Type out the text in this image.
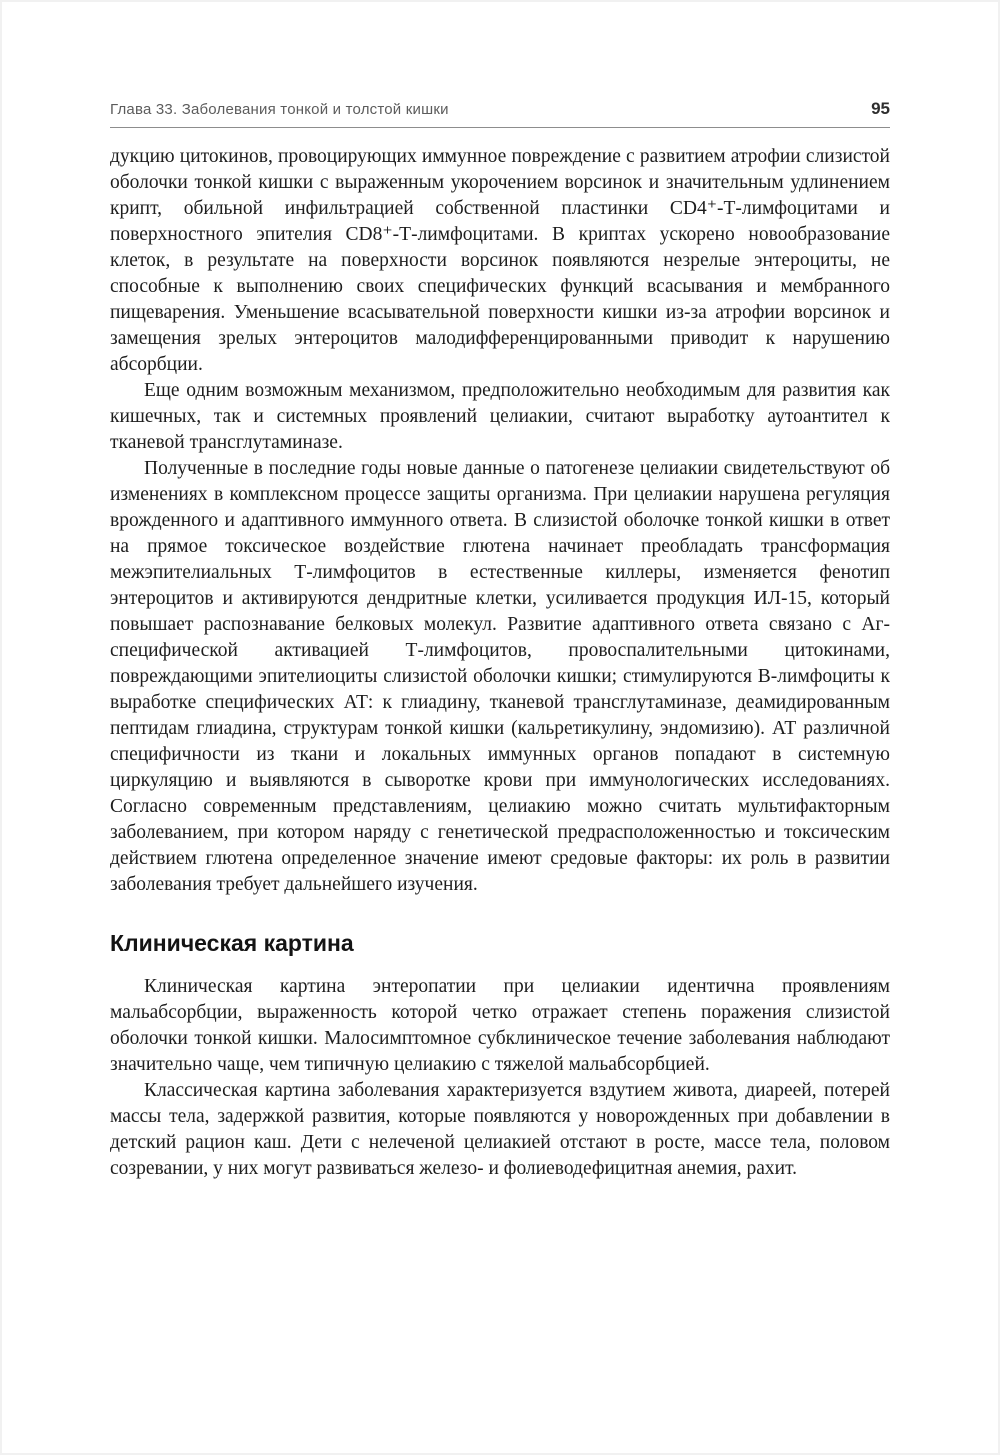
Глава 33. Заболевания тонкой и толстой кишки	95

дукцию цитокинов, провоцирующих иммунное повреждение с развитием атрофии слизистой оболочки тонкой кишки с выраженным укорочением ворсинок и значительным удлинением крипт, обильной инфильтрацией собственной пластинки CD4⁺-Т-лимфоцитами и поверхностного эпителия CD8⁺-Т-лимфоцитами. В криптах ускорено новообразование клеток, в результате на поверхности ворсинок появляются незрелые энтероциты, не способные к выполнению своих специфических функций всасывания и мембранного пищеварения. Уменьшение всасывательной поверхности кишки из-за атрофии ворсинок и замещения зрелых энтероцитов малодифференцированными приводит к нарушению абсорбции.

Еще одним возможным механизмом, предположительно необходимым для развития как кишечных, так и системных проявлений целиакии, считают выработку аутоантител к тканевой трансглутаминазе.

Полученные в последние годы новые данные о патогенезе целиакии свидетельствуют об изменениях в комплексном процессе защиты организма. При целиакии нарушена регуляция врожденного и адаптивного иммунного ответа. В слизистой оболочке тонкой кишки в ответ на прямое токсическое воздействие глютена начинает преобладать трансформация межэпителиальных Т-лимфоцитов в естественные киллеры, изменяется фенотип энтероцитов и активируются дендритные клетки, усиливается продукция ИЛ-15, который повышает распознавание белковых молекул. Развитие адаптивного ответа связано с Аг-специфической активацией Т-лимфоцитов, провоспалительными цитокинами, повреждающими эпителиоциты слизистой оболочки кишки; стимулируются В-лимфоциты к выработке специфических АТ: к глиадину, тканевой трансглутаминазе, деамидированным пептидам глиадина, структурам тонкой кишки (кальретикулину, эндомизию). АТ различной специфичности из ткани и локальных иммунных органов попадают в системную циркуляцию и выявляются в сыворотке крови при иммунологических исследованиях. Согласно современным представлениям, целиакию можно считать мультифакторным заболеванием, при котором наряду с генетической предрасположенностью и токсическим действием глютена определенное значение имеют средовые факторы: их роль в развитии заболевания требует дальнейшего изучения.

Клиническая картина

Клиническая картина энтеропатии при целиакии идентична проявлениям мальабсорбции, выраженность которой четко отражает степень поражения слизистой оболочки тонкой кишки. Малосимптомное субклиническое течение заболевания наблюдают значительно чаще, чем типичную целиакию с тяжелой мальабсорбцией.

Классическая картина заболевания характеризуется вздутием живота, диареей, потерей массы тела, задержкой развития, которые появляются у новорожденных при добавлении в детский рацион каш. Дети с нелеченой целиакией отстают в росте, массе тела, половом созревании, у них могут развиваться железо- и фолиеводефицитная анемия, рахит.
